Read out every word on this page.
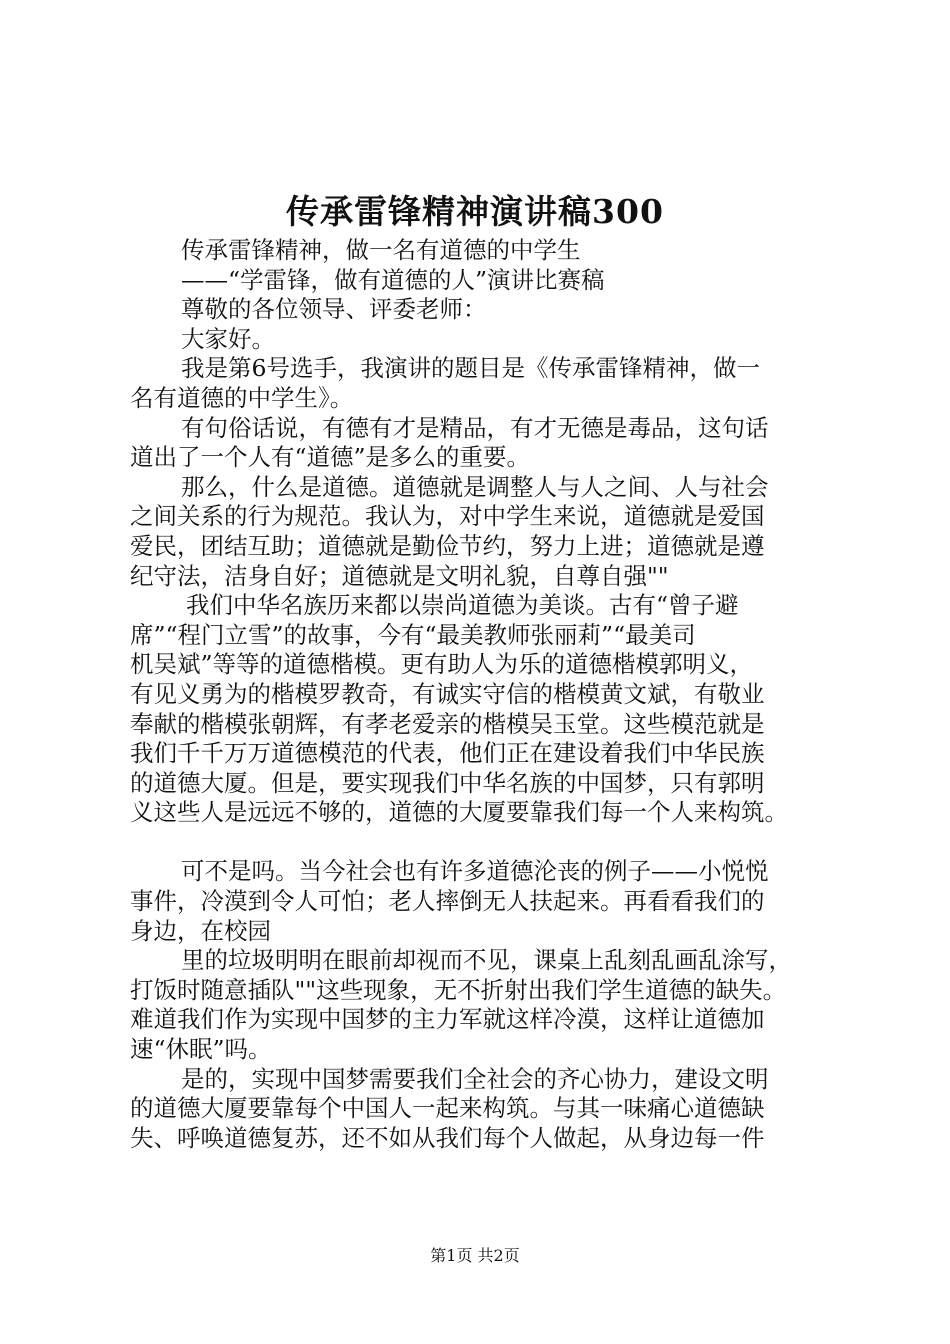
传承雷锋精神演讲稿300
传承雷锋精神，做一名有道德的中学生
——“学雷锋，做有道德的人”演讲比赛稿
尊敬的各位领导、评委老师：
大家好。
我是第6号选手，我演讲的题目是《传承雷锋精神，做一
名有道德的中学生》。
有句俗话说，有德有才是精品，有才无德是毒品，这句话
道出了一个人有“道德”是多么的重要。
那么，什么是道德。道德就是调整人与人之间、人与社会
之间关系的行为规范。我认为，对中学生来说，道德就是爱国
爱民，团结互助；道德就是勤俭节约，努力上进；道德就是遵
纪守法，洁身自好；道德就是文明礼貌，自尊自强""
我们中华名族历来都以崇尚道德为美谈。古有“曾子避
席”“程门立雪”的故事，今有“最美教师张丽莉”“最美司
机吴斌”等等的道德楷模。更有助人为乐的道德楷模郭明义，
有见义勇为的楷模罗教奇，有诚实守信的楷模黄文斌，有敬业
奉献的楷模张朝辉，有孝老爱亲的楷模吴玉堂。这些模范就是
我们千千万万道德模范的代表，他们正在建设着我们中华民族
的道德大厦。但是，要实现我们中华名族的中国梦，只有郭明
义这些人是远远不够的，道德的大厦要靠我们每一个人来构筑。
可不是吗。当今社会也有许多道德沦丧的例子——小悦悦
事件，冷漠到令人可怕；老人摔倒无人扶起来。再看看我们的
身边，在校园
里的垃圾明明在眼前却视而不见，课桌上乱刻乱画乱涂写，
打饭时随意插队""这些现象，无不折射出我们学生道德的缺失。
难道我们作为实现中国梦的主力军就这样冷漠，这样让道德加
速“休眠”吗。
是的，实现中国梦需要我们全社会的齐心协力，建设文明
的道德大厦要靠每个中国人一起来构筑。与其一味痛心道德缺
失、呼唤道德复苏，还不如从我们每个人做起，从身边每一件
第1页 共2页
